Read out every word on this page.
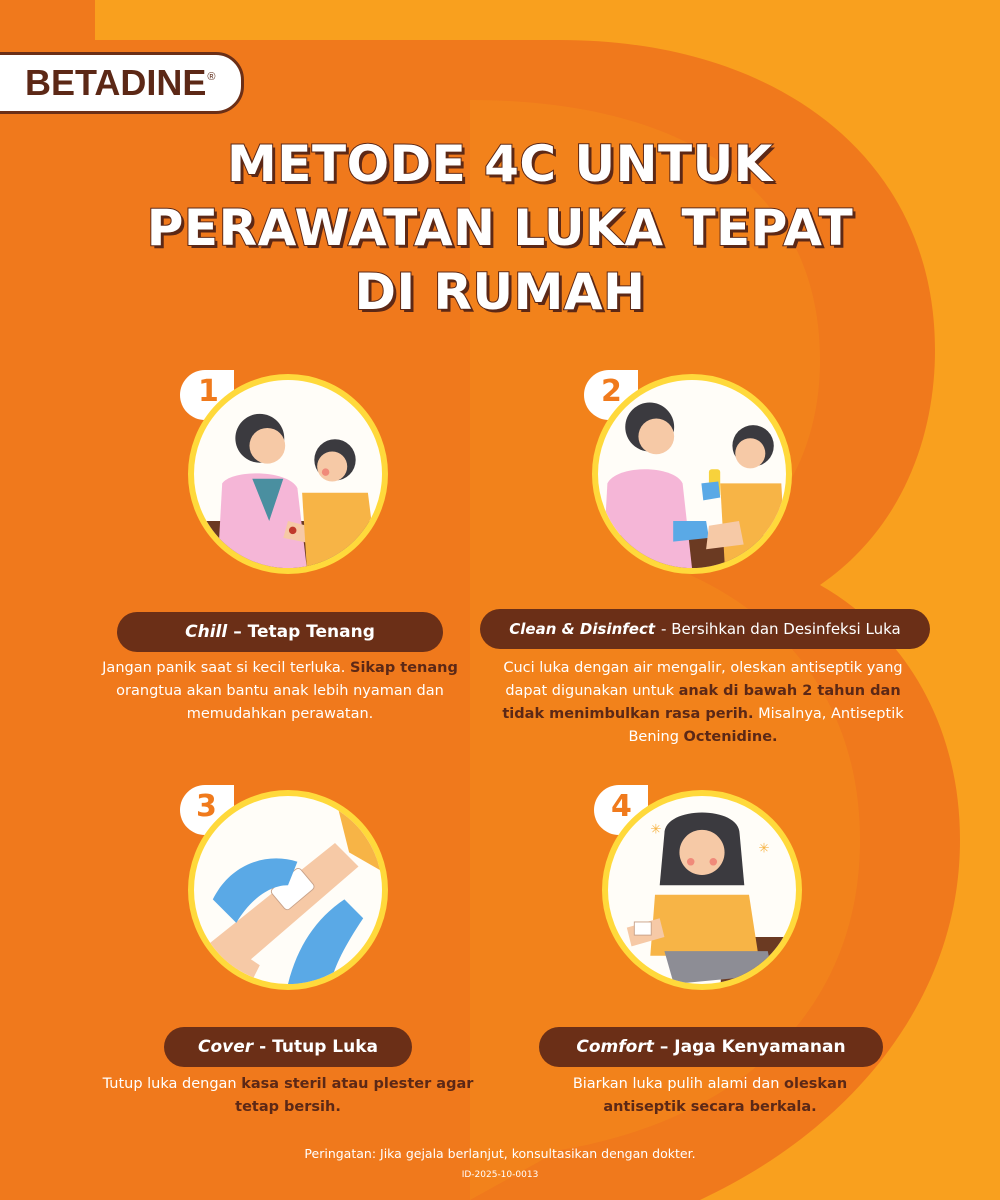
BETADINE ®
METODE 4C UNTUK
PERAWATAN LUKA TEPAT
DI RUMAH
1
Chill – Tetap Tenang
Jangan panik saat si kecil terluka. Sikap tenang orangtua akan bantu anak lebih nyaman dan memudahkan perawatan.
2
Clean & Disinfect - Bersihkan dan Desinfeksi Luka
Cuci luka dengan air mengalir, oleskan antiseptik yang dapat digunakan untuk anak di bawah 2 tahun dan tidak menimbulkan rasa perih. Misalnya, Antiseptik Bening Octenidine.
3
Cover - Tutup Luka
Tutup luka dengan kasa steril atau plester agar tetap bersih.
4
✳
✳
Comfort – Jaga Kenyamanan
Biarkan luka pulih alami dan oleskan antiseptik secara berkala.
Peringatan: Jika gejala berlanjut, konsultasikan dengan dokter.
ID-2025-10-0013
